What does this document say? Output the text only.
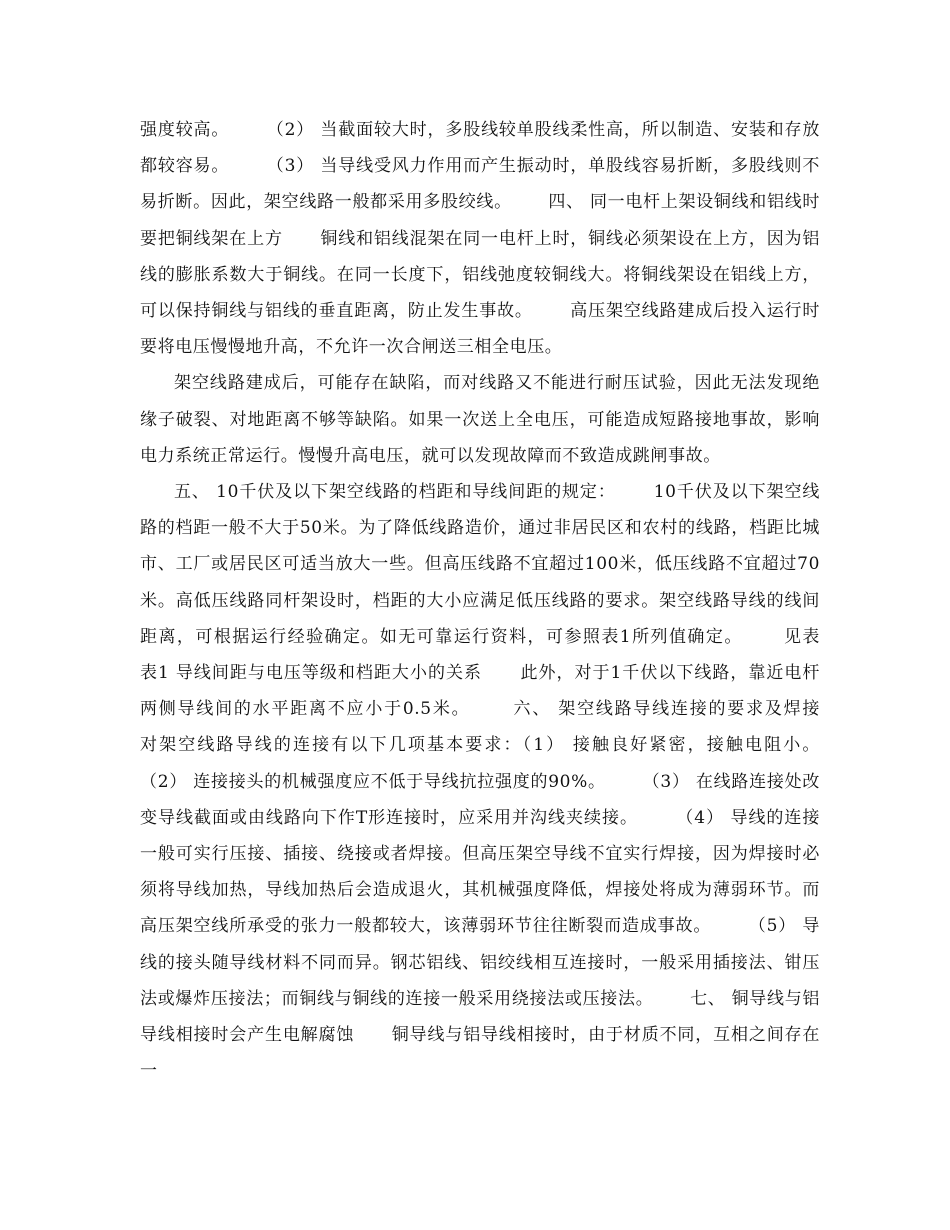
强度较高。      （2） 当截面较大时，多股线较单股线柔性高，所以制造、安装和存放都较容易。      （3） 当导线受风力作用而产生振动时，单股线容易折断，多股线则不易折断。因此，架空线路一般都采用多股绞线。      四、 同一电杆上架设铜线和铝线时要把铜线架在上方      铜线和铝线混架在同一电杆上时，铜线必须架设在上方，因为铝线的膨胀系数大于铜线。在同一长度下，铝线弛度较铜线大。将铜线架设在铝线上方，可以保持铜线与铝线的垂直距离，防止发生事故。      高压架空线路建成后投入运行时要将电压慢慢地升高，不允许一次合闸送三相全电压。

架空线路建成后，可能存在缺陷，而对线路又不能进行耐压试验，因此无法发现绝缘子破裂、对地距离不够等缺陷。如果一次送上全电压，可能造成短路接地事故，影响电力系统正常运行。慢慢升高电压，就可以发现故障而不致造成跳闸事故。

五、 10千伏及以下架空线路的档距和导线间距的规定：      10千伏及以下架空线路的档距一般不大于50米。为了降低线路造价，通过非居民区和农村的线路，档距比城市、工厂或居民区可适当放大一些。但高压线路不宜超过100米，低压线路不宜超过70米。高低压线路同杆架设时，档距的大小应满足低压线路的要求。架空线路导线的线间距离，可根据运行经验确定。如无可靠运行资料，可参照表1所列值确定。      见表      表1 导线间距与电压等级和档距大小的关系      此外，对于1千伏以下线路，靠近电杆两侧导线间的水平距离不应小于0.5米。      六、 架空线路导线连接的要求及焊接      对架空线路导线的连接有以下几项基本要求：（1） 接触良好紧密，接触电阻小。      （2） 连接接头的机械强度应不低于导线抗拉强度的90%。      （3） 在线路连接处改变导线截面或由线路向下作T形连接时，应采用并沟线夹续接。      （4） 导线的连接一般可实行压接、插接、绕接或者焊接。但高压架空导线不宜实行焊接，因为焊接时必须将导线加热，导线加热后会造成退火，其机械强度降低，焊接处将成为薄弱环节。而高压架空线所承受的张力一般都较大，该薄弱环节往往断裂而造成事故。      （5） 导线的接头随导线材料不同而异。钢芯铝线、铝绞线相互连接时，一般采用插接法、钳压法或爆炸压接法；而铜线与铜线的连接一般采用绕接法或压接法。      七、 铜导线与铝导线相接时会产生电解腐蚀      铜导线与铝导线相接时，由于材质不同，互相之间存在一
